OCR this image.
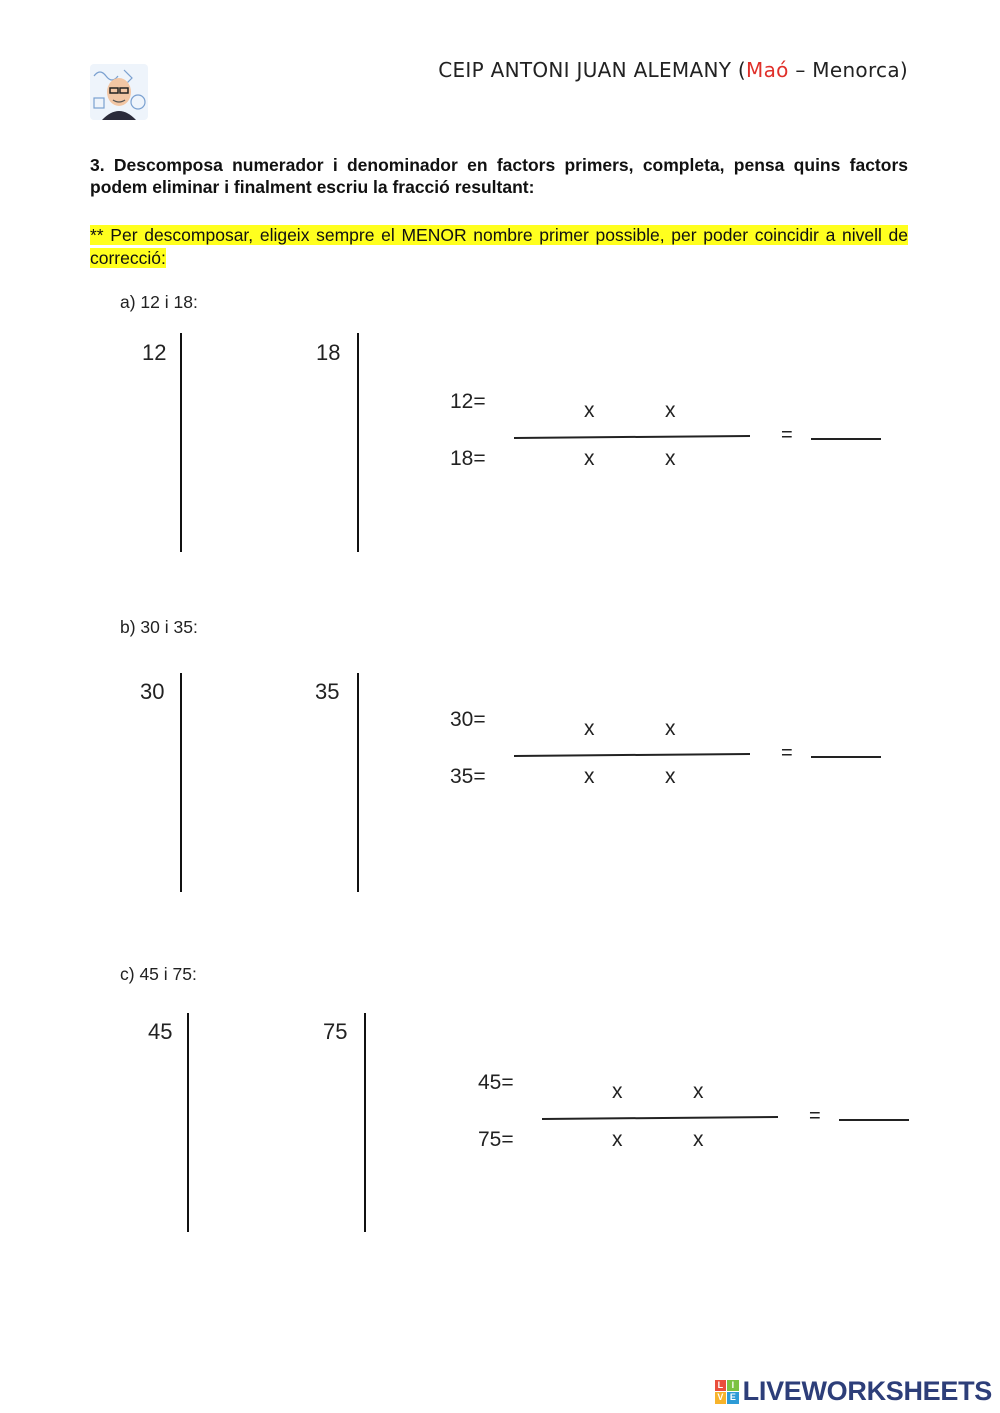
CEIP ANTONI JUAN ALEMANY (Maó – Menorca)
3. Descomposa numerador i denominador en factors primers, completa, pensa quins factors podem eliminar i finalment escriu la fracció resultant:
** Per descomposar, eligeix sempre el MENOR nombre primer possible, per poder coincidir a nivell de correcció:
a) 12 i 18:
12	18
12=
18=
x	x
x	x
=
b) 30 i 35:
30	35
30=
35=
x	x
x	x
=
c) 45 i 75:
45	75
45=
75=
x	x
x	x
=
L I
V E LIVEWORKSHEETS
